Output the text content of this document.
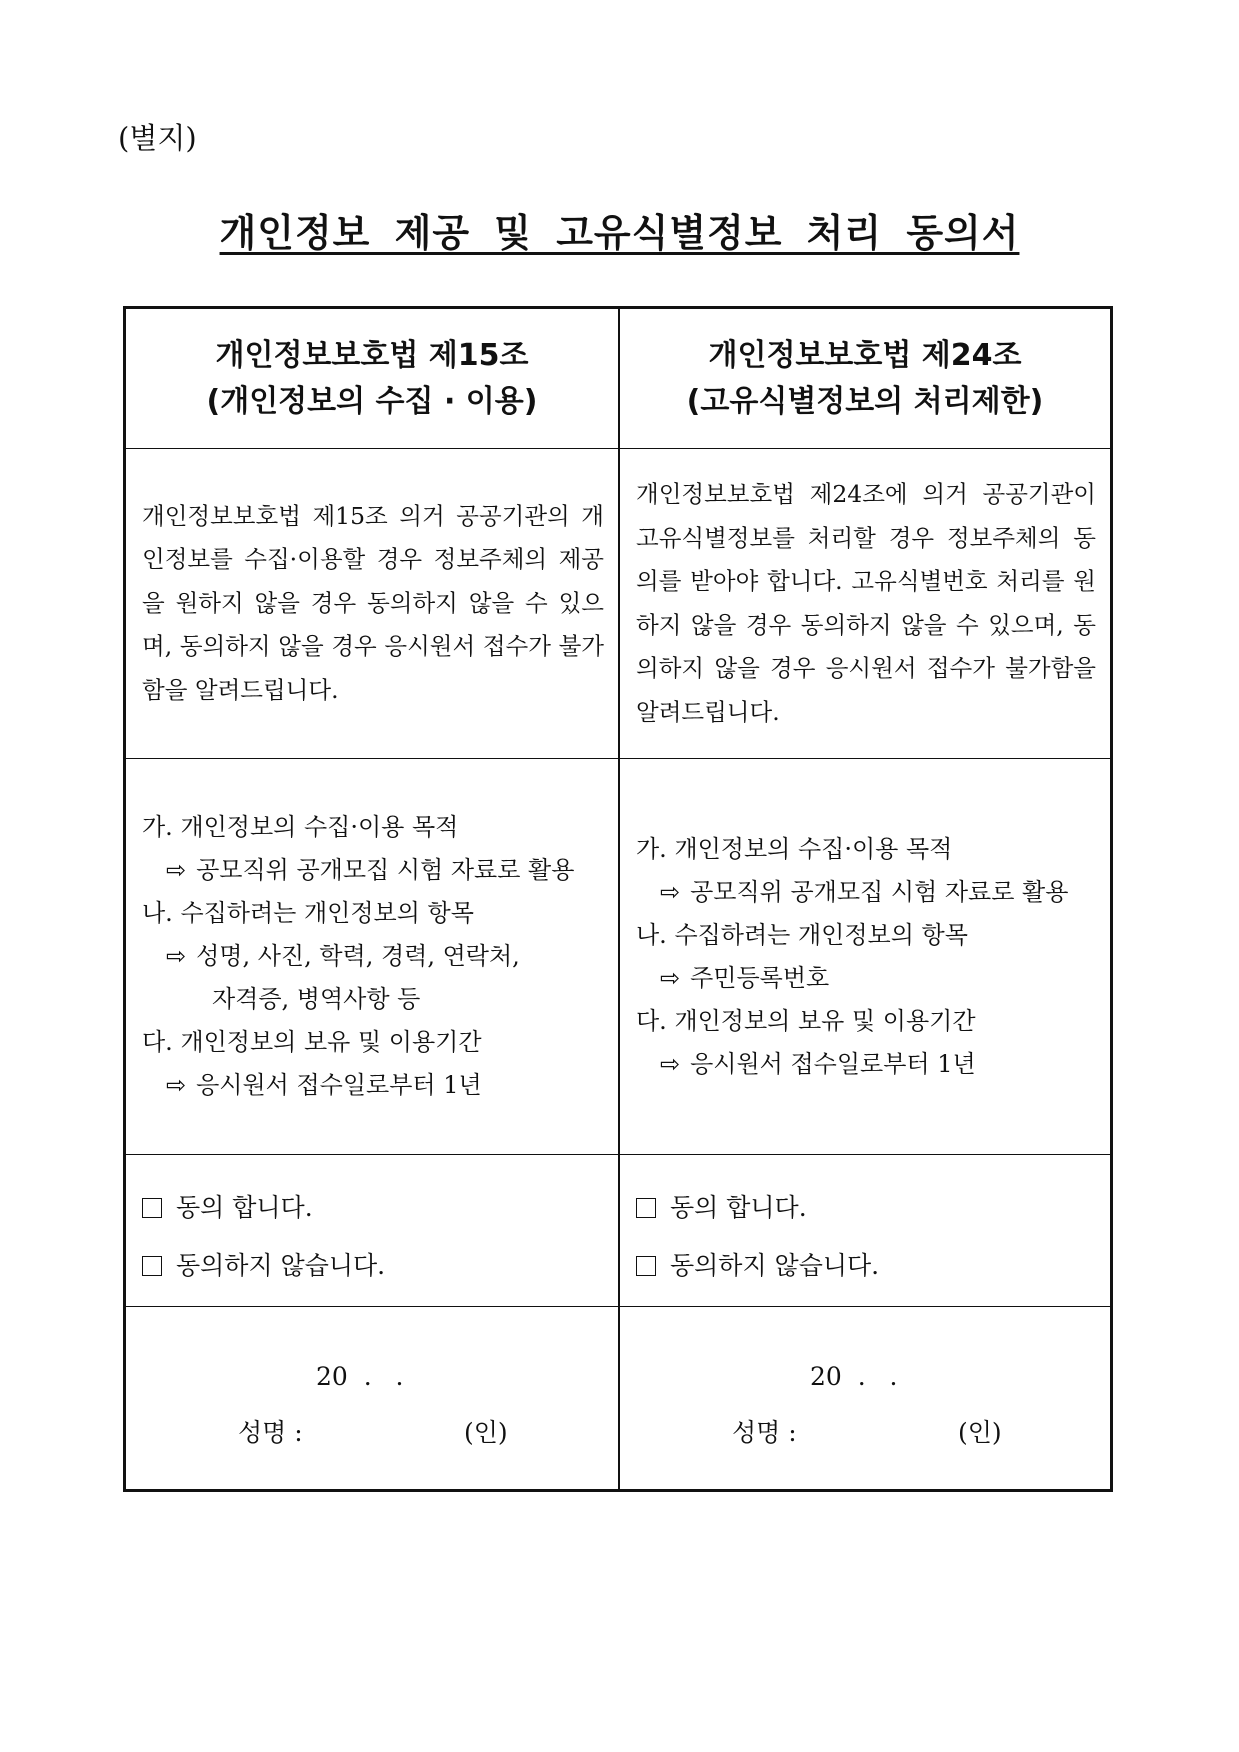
(별지)
개인정보 제공 및 고유식별정보 처리 동의서
개인정보보호법 제15조
(개인정보의 수집 · 이용)
개인정보보호법 제24조
(고유식별정보의 처리제한)

개인정보보호법 제15조 의거 공공기관의 개인정보를 수집·이용할 경우 정보주체의 제공을 원하지 않을 경우 동의하지 않을 수 있으며, 동의하지 않을 경우 응시원서 접수가 불가함을 알려드립니다.

개인정보보호법 제24조에 의거 공공기관이 고유식별정보를 처리할 경우 정보주체의 동의를 받아야 합니다. 고유식별번호 처리를 원하지 않을 경우 동의하지 않을 수 있으며, 동의하지 않을 경우 응시원서 접수가 불가함을 알려드립니다.

가. 개인정보의 수집·이용 목적
⇨ 공모직위 공개모집 시험 자료로 활용
나. 수집하려는 개인정보의 항목
⇨ 성명, 사진, 학력, 경력, 연락처,
자격증, 병역사항 등
다. 개인정보의 보유 및 이용기간
⇨ 응시원서 접수일로부터 1년
가. 개인정보의 수집·이용 목적
⇨ 공모직위 공개모집 시험 자료로 활용
나. 수집하려는 개인정보의 항목
⇨ 주민등록번호
다. 개인정보의 보유 및 이용기간
⇨ 응시원서 접수일로부터 1년
동의 합니다.
동의하지 않습니다.
동의 합니다.
동의하지 않습니다.
20  .   .
성명 :	(인)
20  .   .
성명 :	(인)
